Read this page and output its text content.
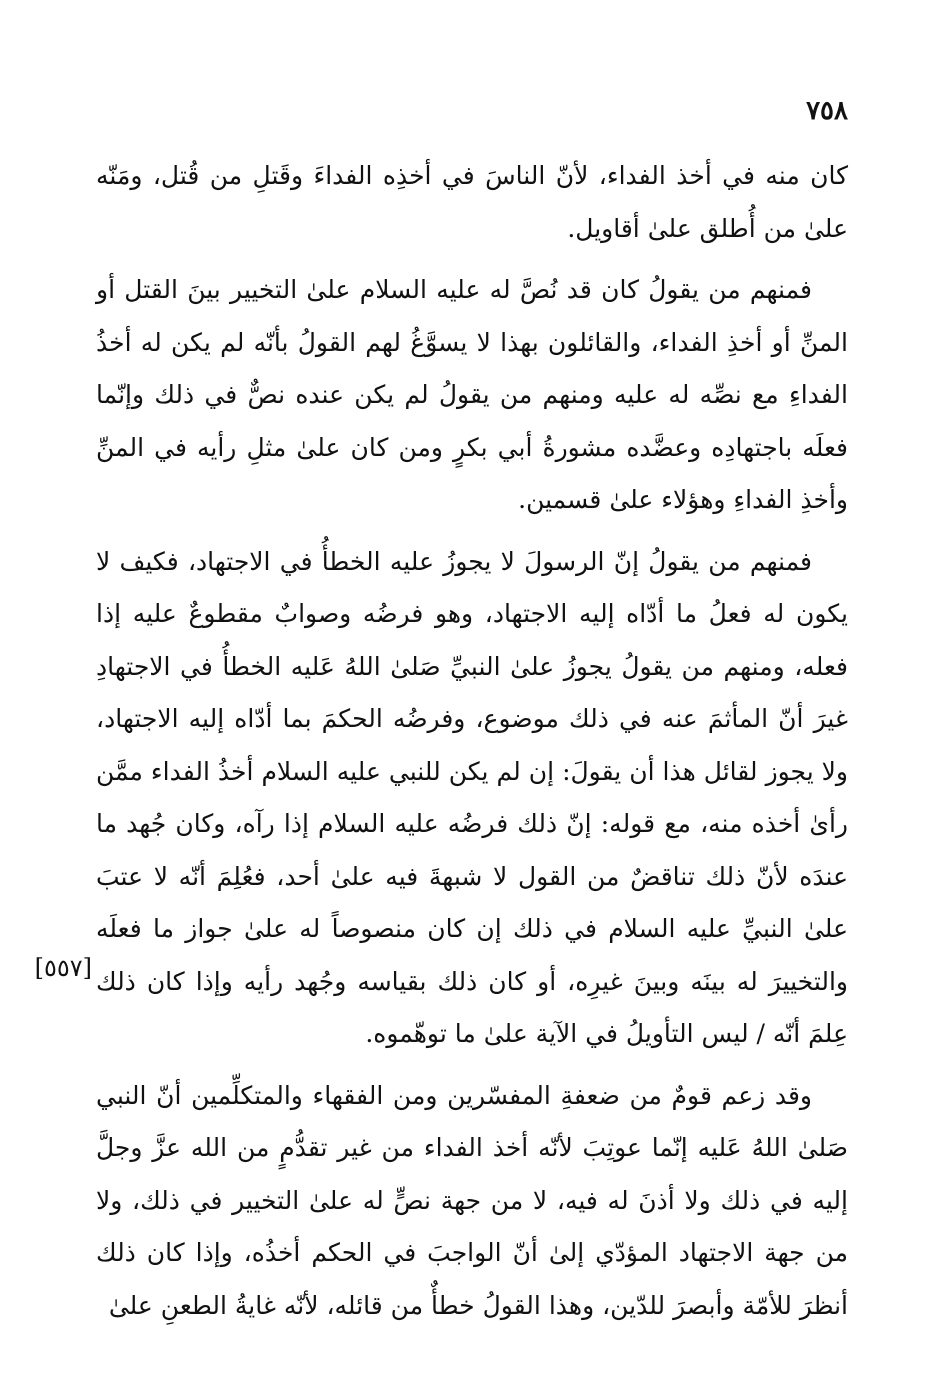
٧٥٨

كان منه في أخذ الفداء، لأنّ الناسَ في أخذِه الفداءَ وقَتلِ من قُتل، ومَنّه علىٰ من أُطلق علىٰ أقاويل.

فمنهم من يقولُ كان قد نُصَّ له عليه السلام علىٰ التخيير بينَ القتل أو المنِّ أو أخذِ الفداء، والقائلون بهذا لا يسوَّغُ لهم القولُ بأنّه لم يكن له أخذُ الفداءِ مع نصِّه له عليه ومنهم من يقولُ لم يكن عنده نصٌّ في ذلك وإنّما فعلَه باجتهادِه وعضَّده مشورةُ أبي بكرٍ ومن كان علىٰ مثلِ رأيه في المنِّ وأخذِ الفداءِ وهؤلاء علىٰ قسمين.

فمنهم من يقولُ إنّ الرسولَ لا يجوزُ عليه الخطأُ في الاجتهاد، فكيف لا يكون له فعلُ ما أدّاه إليه الاجتهاد، وهو فرضُه وصوابٌ مقطوعٌ عليه إذا فعله، ومنهم من يقولُ يجوزُ علىٰ النبيِّ صَلىٰ اللهُ عَليه الخطأُ في الاجتهادِ غيرَ أنّ المأثمَ عنه في ذلك موضوع، وفرضُه الحكمَ بما أدّاه إليه الاجتهاد، ولا يجوز لقائل هذا أن يقولَ: إن لم يكن للنبي عليه السلام أخذُ الفداء ممَّن رأىٰ أخذه منه، مع قوله: إنّ ذلك فرضُه عليه السلام إذا رآه، وكان جُهد ما عندَه لأنّ ذلك تناقضٌ من القول لا شبهةَ فيه علىٰ أحد، فعُلِمَ أنّه لا عتبَ علىٰ النبيِّ عليه السلام في ذلك إن كان منصوصاً له علىٰ جواز ما فعلَه والتخييرَ له بينَه وبينَ غيرِه، أو كان ذلك بقياسه وجُهد رأيه وإذا كان ذلك عِلمَ أنّه / ليس التأويلُ في الآية علىٰ ما توهّموه.

وقد زعم قومٌ من ضعفةِ المفسّرين ومن الفقهاء والمتكلِّمين أنّ النبي صَلىٰ اللهُ عَليه إنّما عوتِبَ لأنّه أخذ الفداء من غير تقدُّمٍ من الله عزَّ وجلَّ إليه في ذلك ولا أذنَ له فيه، لا من جهة نصٍّ له علىٰ التخيير في ذلك، ولا من جهة الاجتهاد المؤدّي إلىٰ أنّ الواجبَ في الحكم أخذُه، وإذا كان ذلك أنظرَ للأمّة وأبصرَ للدّين، وهذا القولُ خطأٌ من قائله، لأنّه غايةُ الطعنِ علىٰ

[٥٥٧]
